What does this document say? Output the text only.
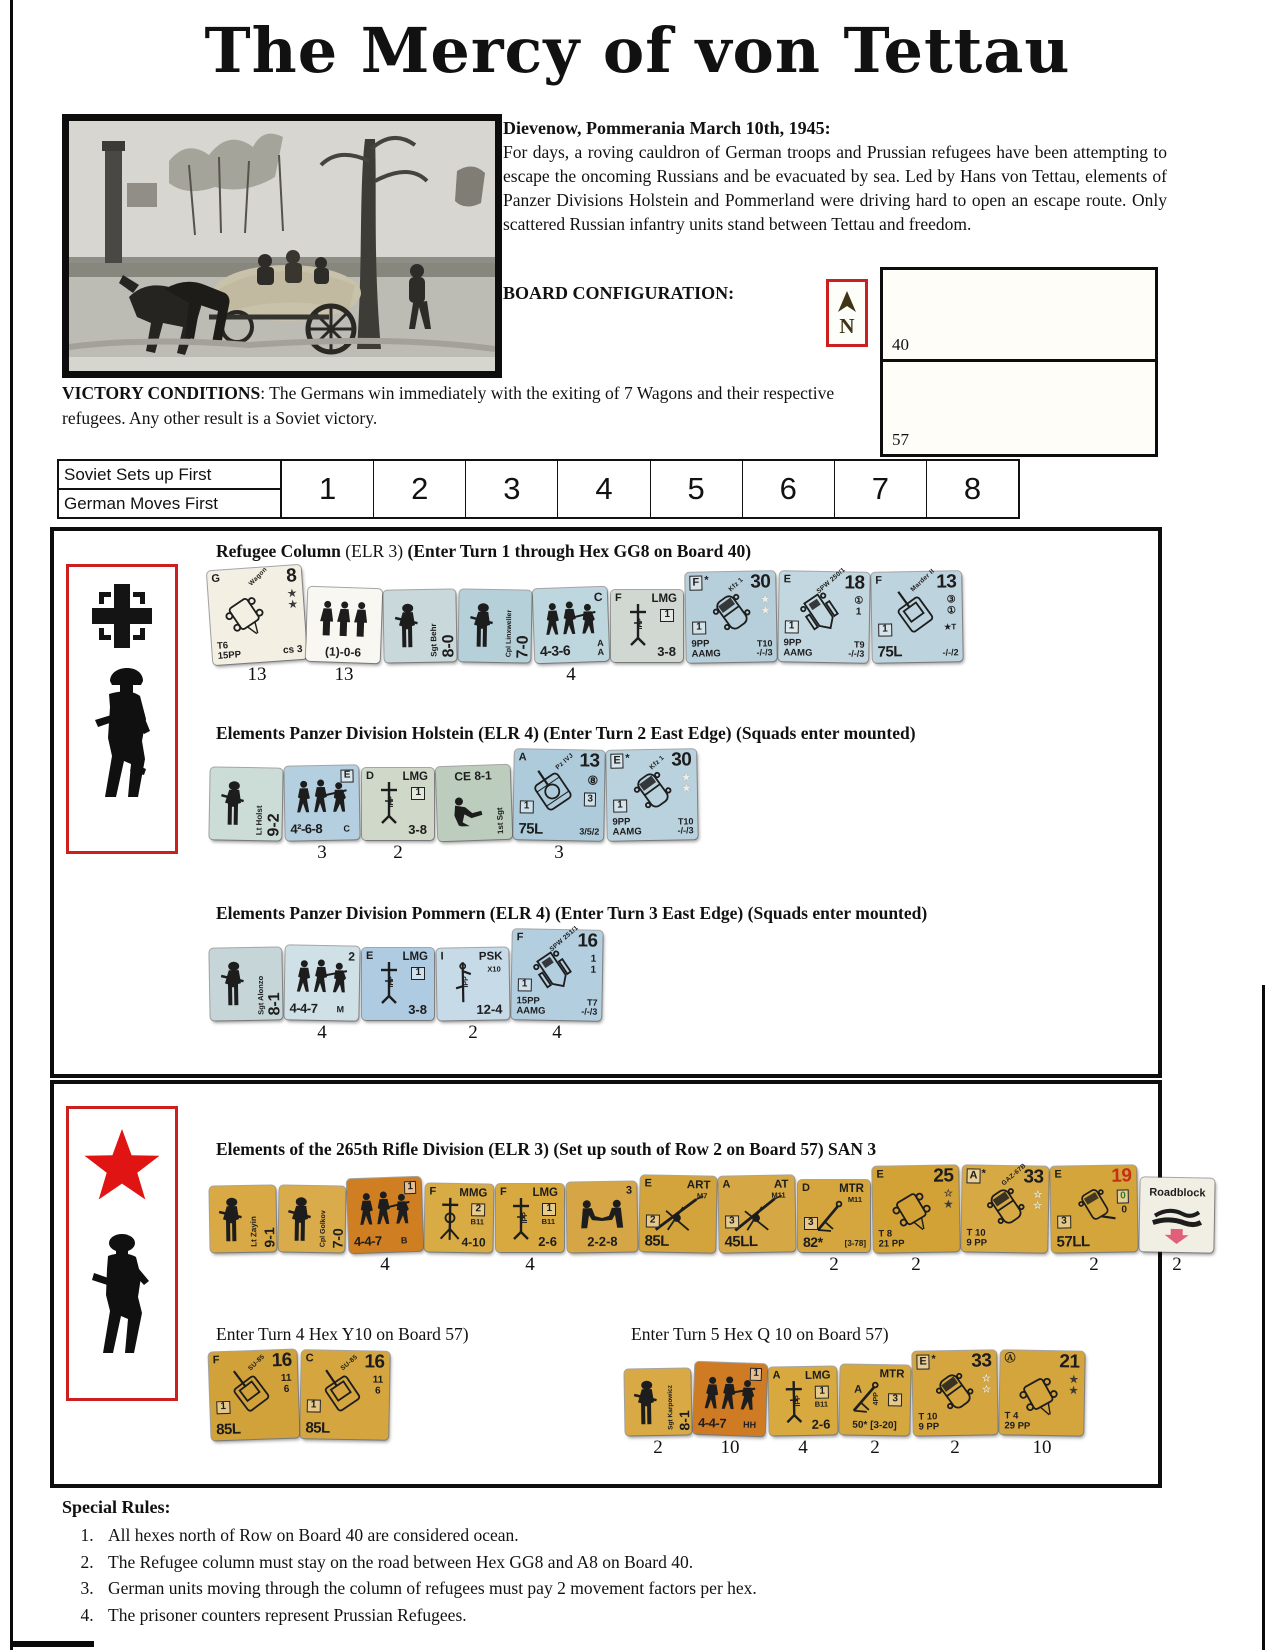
The Mercy of von Tettau
Dievenow, Pommerania March 10th, 1945:
For days, a roving cauldron of German troops and Prussian refugees have been attempting to escape the oncoming Russians and be evacuated by sea. Led by Hans von Tettau, elements of Panzer Divisions Holstein and Pommerland were driving hard to open an escape route. Only scattered Russian infantry units stand between Tettau and freedom.
BOARD CONFIGURATION:
N
40
57
VICTORY CONDITIONS: The Germans win immediately with the exiting of 7 Wagons and their respective refugees. Any other result is a Soviet victory.
Soviet Sets up First
German Moves First	1	2	3	4	5	6	7	8
Refugee Column (ELR 3) (Enter Turn 1 through Hex GG8 on Board 40)
G	Wagon 8
★
★
T6
15PP	cs 3	(1)-0-6	Sgt Behr 8-0	Cpl Linxweller 7-0
C
4-3-6	A
A
F	LMG
1
IPP
3-8
F * 30
★
★
Kfz 1
1
9PP
AAMG
T10
-/-/3
E	18
①
1
SPW 250/1
1
9PP
AAMG
T9
-/-/3
F	13
③
①
★T
Marder II
1
75L	-/-/2
13	13	4
Elements Panzer Division Holstein (ELR 4) (Enter Turn 2 East Edge) (Squads enter mounted)
Lt Holst 9-2
E
4²-6-8 C
D LMG
1
IPP
3-8
CE 8-1
1st Sgt
A	13
⑧
3
Pz IVJ
1
75L	3/5/2
E * 30
★
★
Kfz 1
1
9PP
AAMG
T10
-/-/3
3	2	3
Elements Panzer Division Pommern (ELR 4) (Enter Turn 3 East Edge) (Squads enter mounted)
Sgt Alonzo 8-1
2
4-4-7 M
E	LMG
1
IPP
3-8
I	PSK
X10
IPP
12-4
F	16
1
1
SPW 251/1
1
15PP
AAMG
T7
-/-/3
4	2	4
Elements of the 265th Rifle Division (ELR 3) (Set up south of Row 2 on Board 57) SAN 3
Lt Zayin 9-1	Cpl Golkov 7-0
1
4-4-7 B
F MMG
2
B11
4-10
F LMG
1
IPP B11
2-6
3
2-2-8
E	ART
M7
2
85L
A	AT
M11
3
45LL
D	MTR
M11
3
82*	[3-78]
E	25
☆
★
T 8
21 PP
A * 33
☆
☆
GAZ-67B
T 10
9 PP
E	19
0
0
3
57LL
Roadblock
4	4	2	2	2	2
Enter Turn 4 Hex Y10 on Board 57)
F	16
11
6
SU-85
1
85L
C	16
11
6
SU-85
1
85L
Enter Turn 5 Hex Q 10 on Board 57)
Sgt Karpowicz 8-1
1
4-4-7 HH
A LMG
1
IPP B11
2-6
A
MTR
4PP	3
50* [3-20]
E * 33
☆
☆
T 10
9 PP
Ⓐ 21
★
★
T 4
29 PP
2	10	4	2	2	10
Special Rules:
1. All hexes north of Row on Board 40 are considered ocean.
2. The Refugee column must stay on the road between Hex GG8 and A8 on Board 40.
3. German units moving through the column of refugees must pay 2 movement factors per hex.
4. The prisoner counters represent Prussian Refugees.
